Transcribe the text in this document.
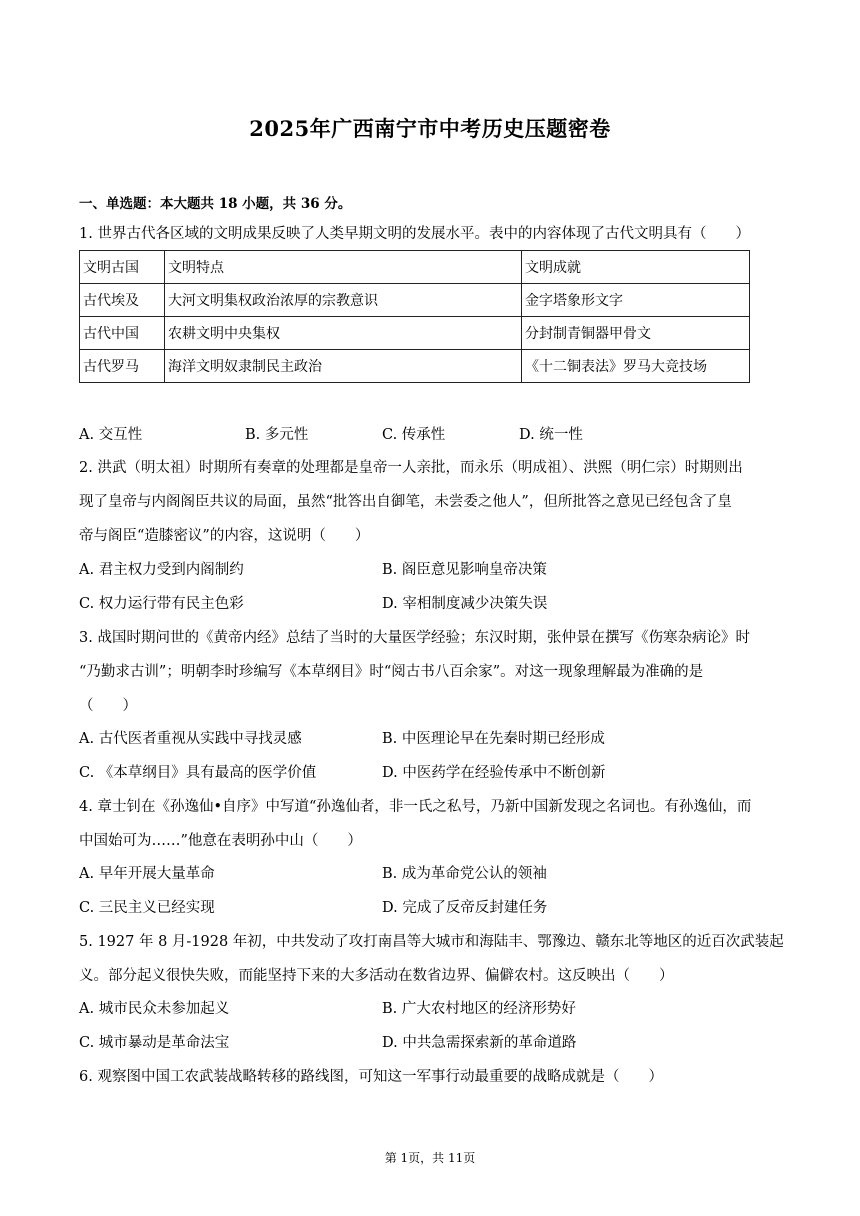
2025年广西南宁市中考历史压题密卷
一、单选题：本大题共 18 小题，共 36 分。
1. 世界古代各区域的文明成果反映了人类早期文明的发展水平。表中的内容体现了古代文明具有（　　）
文明古国	文明特点	文明成就
古代埃及	大河文明集权政治浓厚的宗教意识	金字塔象形文字
古代中国	农耕文明中央集权	分封制青铜器甲骨文
古代罗马	海洋文明奴隶制民主政治	《十二铜表法》罗马大竞技场
A. 交互性	B. 多元性	C. 传承性	D. 统一性
2. 洪武（明太祖）时期所有奏章的处理都是皇帝一人亲批，而永乐（明成祖）、洪熙（明仁宗）时期则出
现了皇帝与内阁阁臣共议的局面，虽然“批答出自御笔，未尝委之他人”，但所批答之意见已经包含了皇
帝与阁臣“造膝密议”的内容，这说明（　　）
A. 君主权力受到内阁制约	B. 阁臣意见影响皇帝决策
C. 权力运行带有民主色彩	D. 宰相制度减少决策失误
3. 战国时期问世的《黄帝内经》总结了当时的大量医学经验；东汉时期，张仲景在撰写《伤寒杂病论》时
“乃勤求古训”；明朝李时珍编写《本草纲目》时“阅古书八百余家”。对这一现象理解最为准确的是
（　　）
A. 古代医者重视从实践中寻找灵感	B. 中医理论早在先秦时期已经形成
C. 《本草纲目》具有最高的医学价值	D. 中医药学在经验传承中不断创新
4. 章士钊在《孙逸仙•自序》中写道“孙逸仙者，非一氏之私号，乃新中国新发现之名词也。有孙逸仙，而
中国始可为……”他意在表明孙中山（　　）
A. 早年开展大量革命	B. 成为革命党公认的领袖
C. 三民主义已经实现	D. 完成了反帝反封建任务
5. 1927 年 8 月-1928 年初，中共发动了攻打南昌等大城市和海陆丰、鄂豫边、赣东北等地区的近百次武装起
义。部分起义很快失败，而能坚持下来的大多活动在数省边界、偏僻农村。这反映出（　　）
A. 城市民众未参加起义	B. 广大农村地区的经济形势好
C. 城市暴动是革命法宝	D. 中共急需探索新的革命道路
6. 观察图中国工农武装战略转移的路线图，可知这一军事行动最重要的战略成就是（　　）
第 1页，共 11页
